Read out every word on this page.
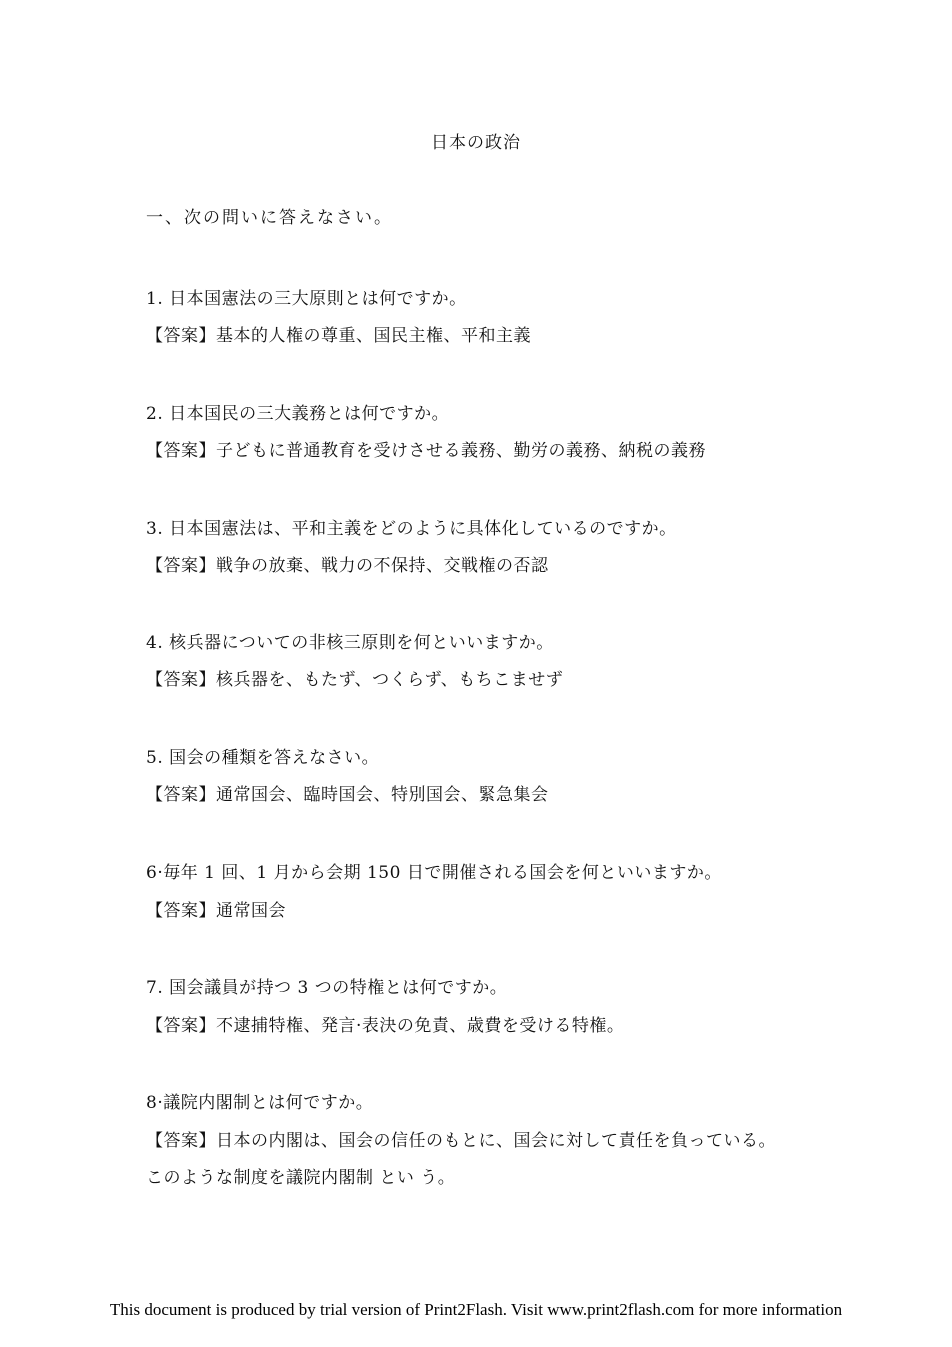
日本の政治
一、次の問いに答えなさい。
1. 日本国憲法の三大原則とは何ですか。
【答案】基本的人権の尊重、国民主権、平和主義
2. 日本国民の三大義務とは何ですか。
【答案】子どもに普通教育を受けさせる義務、勤労の義務、納税の義務
3. 日本国憲法は、平和主義をどのように具体化しているのですか。
【答案】戦争の放棄、戦力の不保持、交戦権の否認
4. 核兵器についての非核三原則を何といいますか。
【答案】核兵器を、もたず、つくらず、もちこませず
5. 国会の種類を答えなさい。
【答案】通常国会、臨時国会、特別国会、緊急集会
6·毎年 1 回、1 月から会期 150 日で開催される国会を何といいますか。
【答案】通常国会
7. 国会議員が持つ 3 つの特権とは何ですか。
【答案】不逮捕特権、発言·表決の免責、歳費を受ける特権。
8·議院内閣制とは何ですか。
【答案】日本の内閣は、国会の信任のもとに、国会に対して責任を負っている。
このような制度を議院内閣制 とい う。
This document is produced by trial version of Print2Flash. Visit www.print2flash.com for more information
